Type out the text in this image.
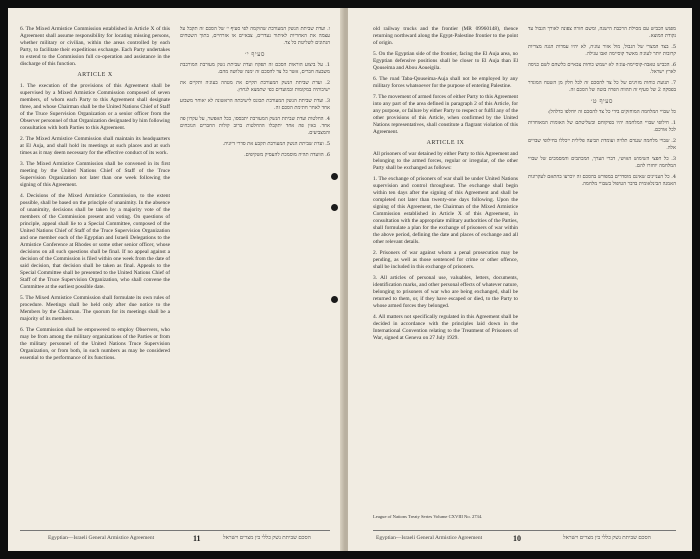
6. The Mixed Armistice Commission established in Article X of this Agreement shall assume responsibility for locating missing persons, whether military or civilian, within the areas controlled by each Party, to facilitate their expeditious exchange. Each Party undertakes to extend to the Commission full co-operation and assistance in the discharge of this function.

ARTICLE X

1. The execution of the provisions of this Agreement shall be supervised by a Mixed Armistice Commission composed of seven members, of whom each Party to this Agreement shall designate three, and whose Chairman shall be the United Nations Chief of Staff of the Truce Supervision Organization or a senior officer from the Observer personnel of that Organization designated by him following consultation with both Parties to this Agreement.

2. The Mixed Armistice Commission shall maintain its headquarters at El Auja, and shall hold its meetings at such places and at such times as it may deem necessary for the effective conduct of its work.

3. The Mixed Armistice Commission shall be convened in its first meeting by the United Nations Chief of Staff of the Truce Supervision Organization not later than one week following the signing of this Agreement.

4. Decisions of the Mixed Armistice Commission, to the extent possible, shall be based on the principle of unanimity. In the absence of unanimity, decisions shall be taken by a majority vote of the members of the Commission present and voting. On questions of principle, appeal shall lie to a Special Committee, composed of the United Nations Chief of Staff of the Truce Supervision Organization and one member each of the Egyptian and Israeli Delegations to the Armistice Conference at Rhodes or some other senior officer, whose decisions on all such questions shall be final. If no appeal against a decision of the Commission is filed within one week from the date of said decision, that decision shall be taken as final. Appeals to the Special Committee shall be presented to the United Nations Chief of Staff of the Truce Supervision Organization, who shall convene the Committee at the earliest possible date.

5. The Mixed Armistice Commission shall formulate its own rules of procedure. Meetings shall be held only after due notice to the Members by the Chairman. The quorum for its meetings shall be a majority of its members.

6. The Commission shall be empowered to employ Observers, who may be from among the military organizations of the Parties or from the military personnel of the United Nations Truce Supervision Organization, or from both, in such numbers as may be considered essential to the performance of its functions.

ו. ועדת שביתת הנשק המעורבת שהוקמה לפי סעיף י׳ של הסכם זה תקבל על עצמה את האחריות לאיתור נעדרים, צבאיים או אזרחיים, בתוך השטחים הנתונים לשליטת כל צד.

סעיף י׳

1. על ביצוע הוראות הסכם זה תפקח ועדת שביתת נשק מעורבת המורכבת משבעה חברים, אשר כל צד להסכם זה ימנה שלושה מהם.

2. ועדת שביתת הנשק המעורבת תקיים את מטהה בעוג׳ה ותקיים את ישיבותיה במקומות ובמועדים כפי שתמצא לנחוץ.

3. ועדת שביתת הנשק המעורבת תכונס לישיבתה הראשונה לא יאוחר משבוע אחד לאחר חתימת הסכם זה.

4. החלטות ועדת שביתת הנשק המעורבת יתבססו, ככל האפשר, על עקרון פה אחד. באין פה אחד יתקבלו ההחלטות ברוב קולות החברים הנוכחים והמצביעים.

5. ועדת שביתת הנשק המעורבת תקבע את סדרי דיוניה.

6. הוועדה תהיה מוסמכת להעסיק משקיפים.

Egyptian—Israeli General Armistice Agreement	11	הסכם שביתת נשק כללי בין מצרים וישראל

old railway trucks and the frontier (MR 09960148), thence returning northward along the Egypt-Palestine frontier to the point of origin.

5. On the Egyptian side of the frontier, facing the El Auja area, no Egyptian defensive positions shall be closer to El Auja than El Qouseima and Abou Aoueigila.

6. The road Taba-Qouseima-Auja shall not be employed by any military forces whatsoever for the purpose of entering Palestine.

7. The movement of armed forces of either Party to this Agreement into any part of the area defined in paragraph 2 of this Article, for any purpose, or failure by either Party to respect or fulfil any of the other provisions of this Article, when confirmed by the United Nations representatives, shall constitute a flagrant violation of this Agreement.

ARTICLE IX

All prisoners of war detained by either Party to this Agreement and belonging to the armed forces, regular or irregular, of the other Party shall be exchanged as follows:

1. The exchange of prisoners of war shall be under United Nations supervision and control throughout. The exchange shall begin within ten days after the signing of this Agreement and shall be completed not later than twenty-one days following. Upon the signing of this Agreement, the Chairman of the Mixed Armistice Commission established in Article X of this Agreement, in consultation with the appropriate military authorities of the Parties, shall formulate a plan for the exchange of prisoners of war within the above period, defining the date and places of exchange and all other relevant details.

2. Prisoners of war against whom a penal prosecution may be pending, as well as those sentenced for crime or other offence, shall be included in this exchange of prisoners.

3. All articles of personal use, valuables, letters, documents, identification marks, and other personal effects of whatever nature, belonging to prisoners of war who are being exchanged, shall be returned to them, or, if they have escaped or died, to the Party to whose armed forces they belonged.

4. All matters not specifically regulated in this Agreement shall be decided in accordance with the principles laid down in the International Convention relating to the Treatment of Prisoners of War, signed at Geneva on 27 July 1929.

מפגש הכביש עם מסילת הרכבת הישנה, ומשם חזרה צפונה לאורך הגבול עד נקודת המוצא.

5. בצד המצרי של הגבול, מול אזור עוג׳ה, לא יהיו עמדות הגנה מצריות קרובות יותר לעוג׳ה מאשר קוסיימה ואבו עגילה.

6. הכביש טאבה-קוסיימה-עוג׳ה לא ישמש כוחות צבאיים כלשהם לשם כניסה לארץ ישראל.

7. תנועת כוחות מזוינים של כל צד להסכם זה לכל חלק מן השטח המוגדר בפסקה 2 של סעיף זה תהווה הפרה בוטה של הסכם זה.

סעיף ט׳

כל שבויי המלחמה המוחזקים בידי כל צד להסכם זה יוחלפו כדלהלן:

1. חילופי שבויי המלחמה יהיו בפיקוחם ובשליטתם של האומות המאוחדות לכל אורכם.

2. שבויי מלחמה שנגדם תלויה ועומדת תביעה פלילית ייכללו בחילופי שבויים אלה.

3. כל חפצי השימוש האישי, דברי הערך, המכתבים והמסמכים של שבויי המלחמה יוחזרו להם.

4. כל העניינים שאינם מוסדרים במפורש בהסכם זה יוכרעו בהתאם לעקרונות האמנה הבינלאומית בדבר הטיפול בשבויי מלחמה.

League of Nations Treaty Series Volume CXVIII No. 2734.
Egyptian—Israeli General Armistice Agreement	10	הסכם שביתת נשק כללי בין מצרים וישראל
